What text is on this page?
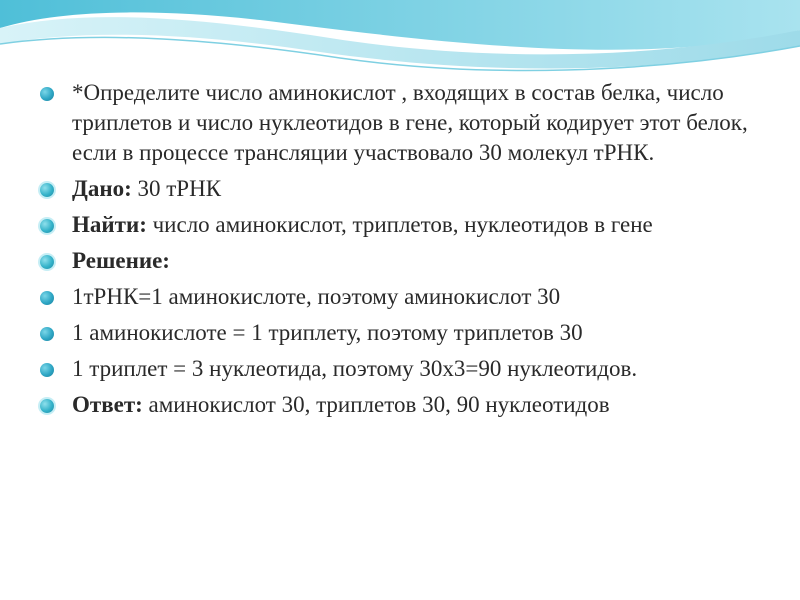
*Определите число аминокислот , входящих в состав белка, число триплетов и число нуклеотидов в гене, который кодирует этот белок, если в процессе трансляции участвовало 30 молекул тРНК.
Дано: 30 тРНК
Найти: число аминокислот, триплетов, нуклеотидов в гене
Решение:
1тРНК=1 аминокислоте, поэтому аминокислот 30
1 аминокислоте = 1 триплету, поэтому триплетов 30
1 триплет = 3 нуклеотида, поэтому 30х3=90 нуклеотидов.
Ответ: аминокислот 30, триплетов 30, 90 нуклеотидов
